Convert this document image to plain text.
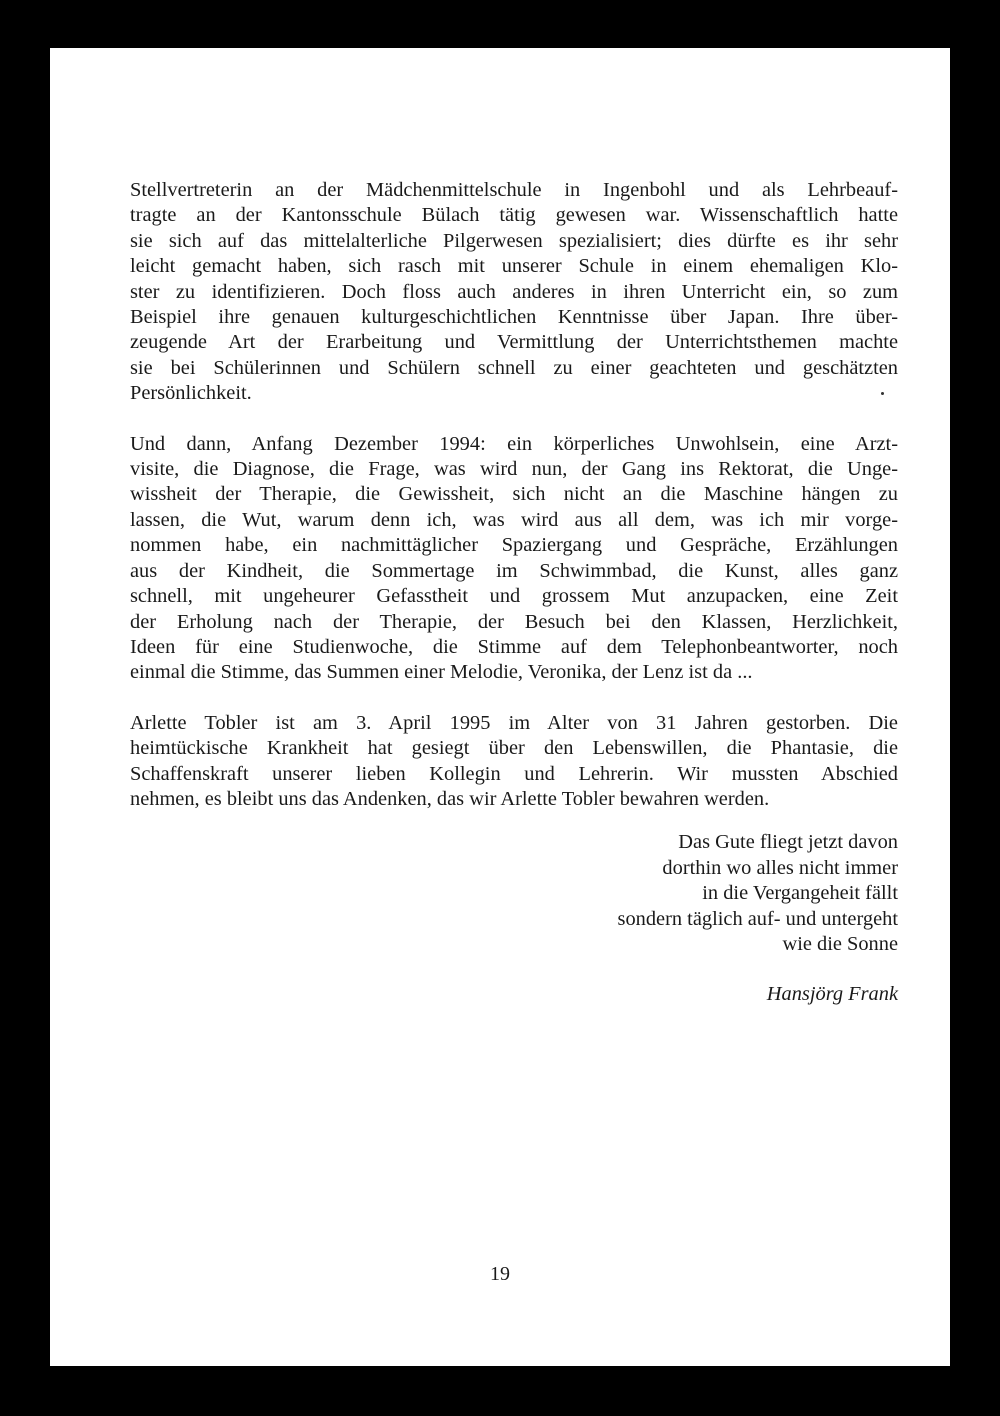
Stellvertreterin an der Mädchenmittelschule in Ingenbohl und als Lehrbeauf-
tragte an der Kantonsschule Bülach tätig gewesen war. Wissenschaftlich hatte
sie sich auf das mittelalterliche Pilgerwesen spezialisiert; dies dürfte es ihr sehr
leicht gemacht haben, sich rasch mit unserer Schule in einem ehemaligen Klo-
ster zu identifizieren. Doch floss auch anderes in ihren Unterricht ein, so zum
Beispiel ihre genauen kulturgeschichtlichen Kenntnisse über Japan. Ihre über-
zeugende Art der Erarbeitung und Vermittlung der Unterrichtsthemen machte
sie bei Schülerinnen und Schülern schnell zu einer geachteten und geschätzten
Persönlichkeit.
Und dann, Anfang Dezember 1994: ein körperliches Unwohlsein, eine Arzt-
visite, die Diagnose, die Frage, was wird nun, der Gang ins Rektorat, die Unge-
wissheit der Therapie, die Gewissheit, sich nicht an die Maschine hängen zu
lassen, die Wut, warum denn ich, was wird aus all dem, was ich mir vorge-
nommen habe, ein nachmittäglicher Spaziergang und Gespräche, Erzählungen
aus der Kindheit, die Sommertage im Schwimmbad, die Kunst, alles ganz
schnell, mit ungeheurer Gefasstheit und grossem Mut anzupacken, eine Zeit
der Erholung nach der Therapie, der Besuch bei den Klassen, Herzlichkeit,
Ideen für eine Studienwoche, die Stimme auf dem Telephonbeantworter, noch
einmal die Stimme, das Summen einer Melodie, Veronika, der Lenz ist da ...
Arlette Tobler ist am 3. April 1995 im Alter von 31 Jahren gestorben. Die
heimtückische Krankheit hat gesiegt über den Lebenswillen, die Phantasie, die
Schaffenskraft unserer lieben Kollegin und Lehrerin. Wir mussten Abschied
nehmen, es bleibt uns das Andenken, das wir Arlette Tobler bewahren werden.
Das Gute fliegt jetzt davon
dorthin wo alles nicht immer
in die Vergangeheit fällt
sondern täglich auf- und untergeht
wie die Sonne
Hansjörg Frank
19
